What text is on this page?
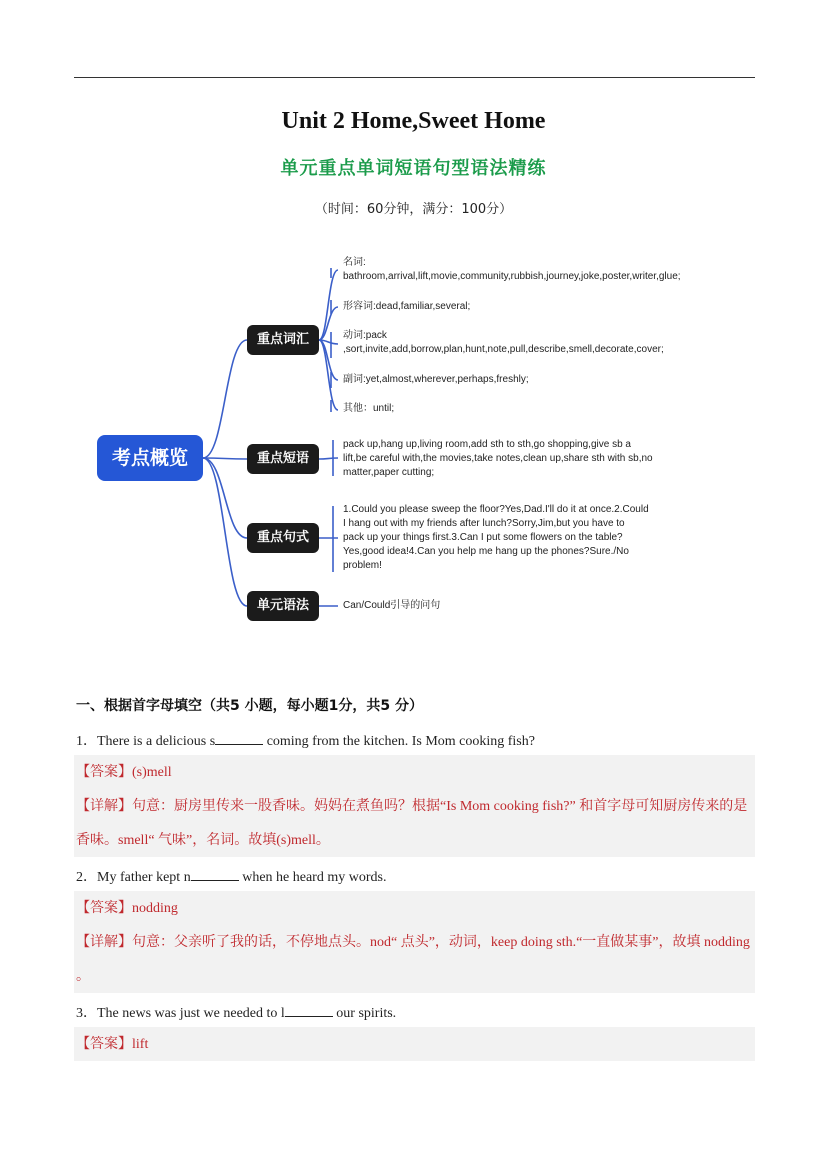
Unit 2 Home,Sweet Home
单元重点单词短语句型语法精练
（时间：60分钟，满分：100分）
考点概览
重点词汇
重点短语
重点句式
单元语法
名词:
bathroom,arrival,lift,movie,community,rubbish,journey,joke,poster,writer,glue;
形容词:dead,familiar,several;
动词:pack
,sort,invite,add,borrow,plan,hunt,note,pull,describe,smell,decorate,cover;
副词:yet,almost,wherever,perhaps,freshly;
其他：until;
pack up,hang up,living room,add sth to sth,go shopping,give sb a
lift,be careful with,the movies,take notes,clean up,share sth with sb,no
matter,paper cutting;
1.Could you please sweep the floor?Yes,Dad.I'll do it at once.2.Could
I hang out with my friends after lunch?Sorry,Jim,but you have to
pack up your things first.3.Can I put some flowers on the table?
Yes,good idea!4.Can you help me hang up the phones?Sure./No
problem!
Can/Could引导的问句
一、根据首字母填空（共5 小题，每小题1分，共5 分）
1．There is a delicious s	coming from the kitchen. Is Mom cooking fish?
【答案】(s)mell
【详解】句意：厨房里传来一股香味。妈妈在煮鱼吗？根据“Is Mom cooking fish?” 和首字母可知厨房传来的是香味。smell“ 气味”，名词。故填(s)mell。
2．My father kept n	when he heard my words.
【答案】nodding
【详解】句意：父亲听了我的话，不停地点头。nod“ 点头”，动词，keep doing sth.“一直做某事”，故填 nodding 。
3．The news was just we needed to l	our spirits.
【答案】lift
